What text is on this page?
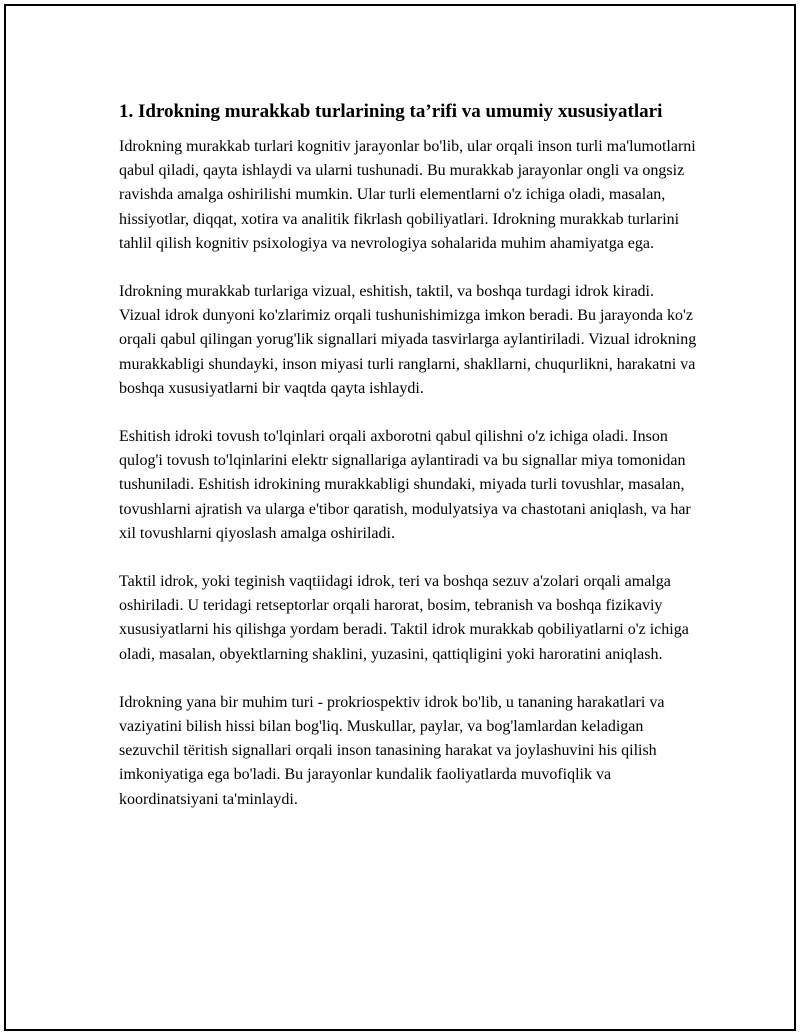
1. Idrokning murakkab turlarining ta’rifi va umumiy xususiyatlari

Idrokning murakkab turlari kognitiv jarayonlar bo'lib, ular orqali inson turli ma'lumotlarni qabul qiladi, qayta ishlaydi va ularni tushunadi. Bu murakkab jarayonlar ongli va ongsiz ravishda amalga oshirilishi mumkin. Ular turli elementlarni o'z ichiga oladi, masalan, hissiyotlar, diqqat, xotira va analitik fikrlash qobiliyatlari. Idrokning murakkab turlarini tahlil qilish kognitiv psixologiya va nevrologiya sohalarida muhim ahamiyatga ega.

Idrokning murakkab turlariga vizual, eshitish, taktil, va boshqa turdagi idrok kiradi. Vizual idrok dunyoni ko'zlarimiz orqali tushunishimizga imkon beradi. Bu jarayonda ko'z orqali qabul qilingan yorug'lik signallari miyada tasvirlarga aylantiriladi. Vizual idrokning murakkabligi shundayki, inson miyasi turli ranglarni, shakllarni, chuqurlikni, harakatni va boshqa xususiyatlarni bir vaqtda qayta ishlaydi.

Eshitish idroki tovush to'lqinlari orqali axborotni qabul qilishni o'z ichiga oladi. Inson qulog'i tovush to'lqinlarini elektr signallariga aylantiradi va bu signallar miya tomonidan tushuniladi. Eshitish idrokining murakkabligi shundaki, miyada turli tovushlar, masalan, tovushlarni ajratish va ularga e'tibor qaratish, modulyatsiya va chastotani aniqlash, va har xil tovushlarni qiyoslash amalga oshiriladi.

Taktil idrok, yoki teginish vaqtiidagi idrok, teri va boshqa sezuv a'zolari orqali amalga oshiriladi. U teridagi retseptorlar orqali harorat, bosim, tebranish va boshqa fizikaviy xususiyatlarni his qilishga yordam beradi. Taktil idrok murakkab qobiliyatlarni o'z ichiga oladi, masalan, obyektlarning shaklini, yuzasini, qattiqligini yoki haroratini aniqlash.

Idrokning yana bir muhim turi - prokriospektiv idrok bo'lib, u tananing harakatlari va vaziyatini bilish hissi bilan bog'liq. Muskullar, paylar, va bog'lamlardan keladigan sezuvchil tëritish signallari orqali inson tanasining harakat va joylashuvini his qilish imkoniyatiga ega bo'ladi. Bu jarayonlar kundalik faoliyatlarda muvofiqlik va koordinatsiyani ta'minlaydi.
